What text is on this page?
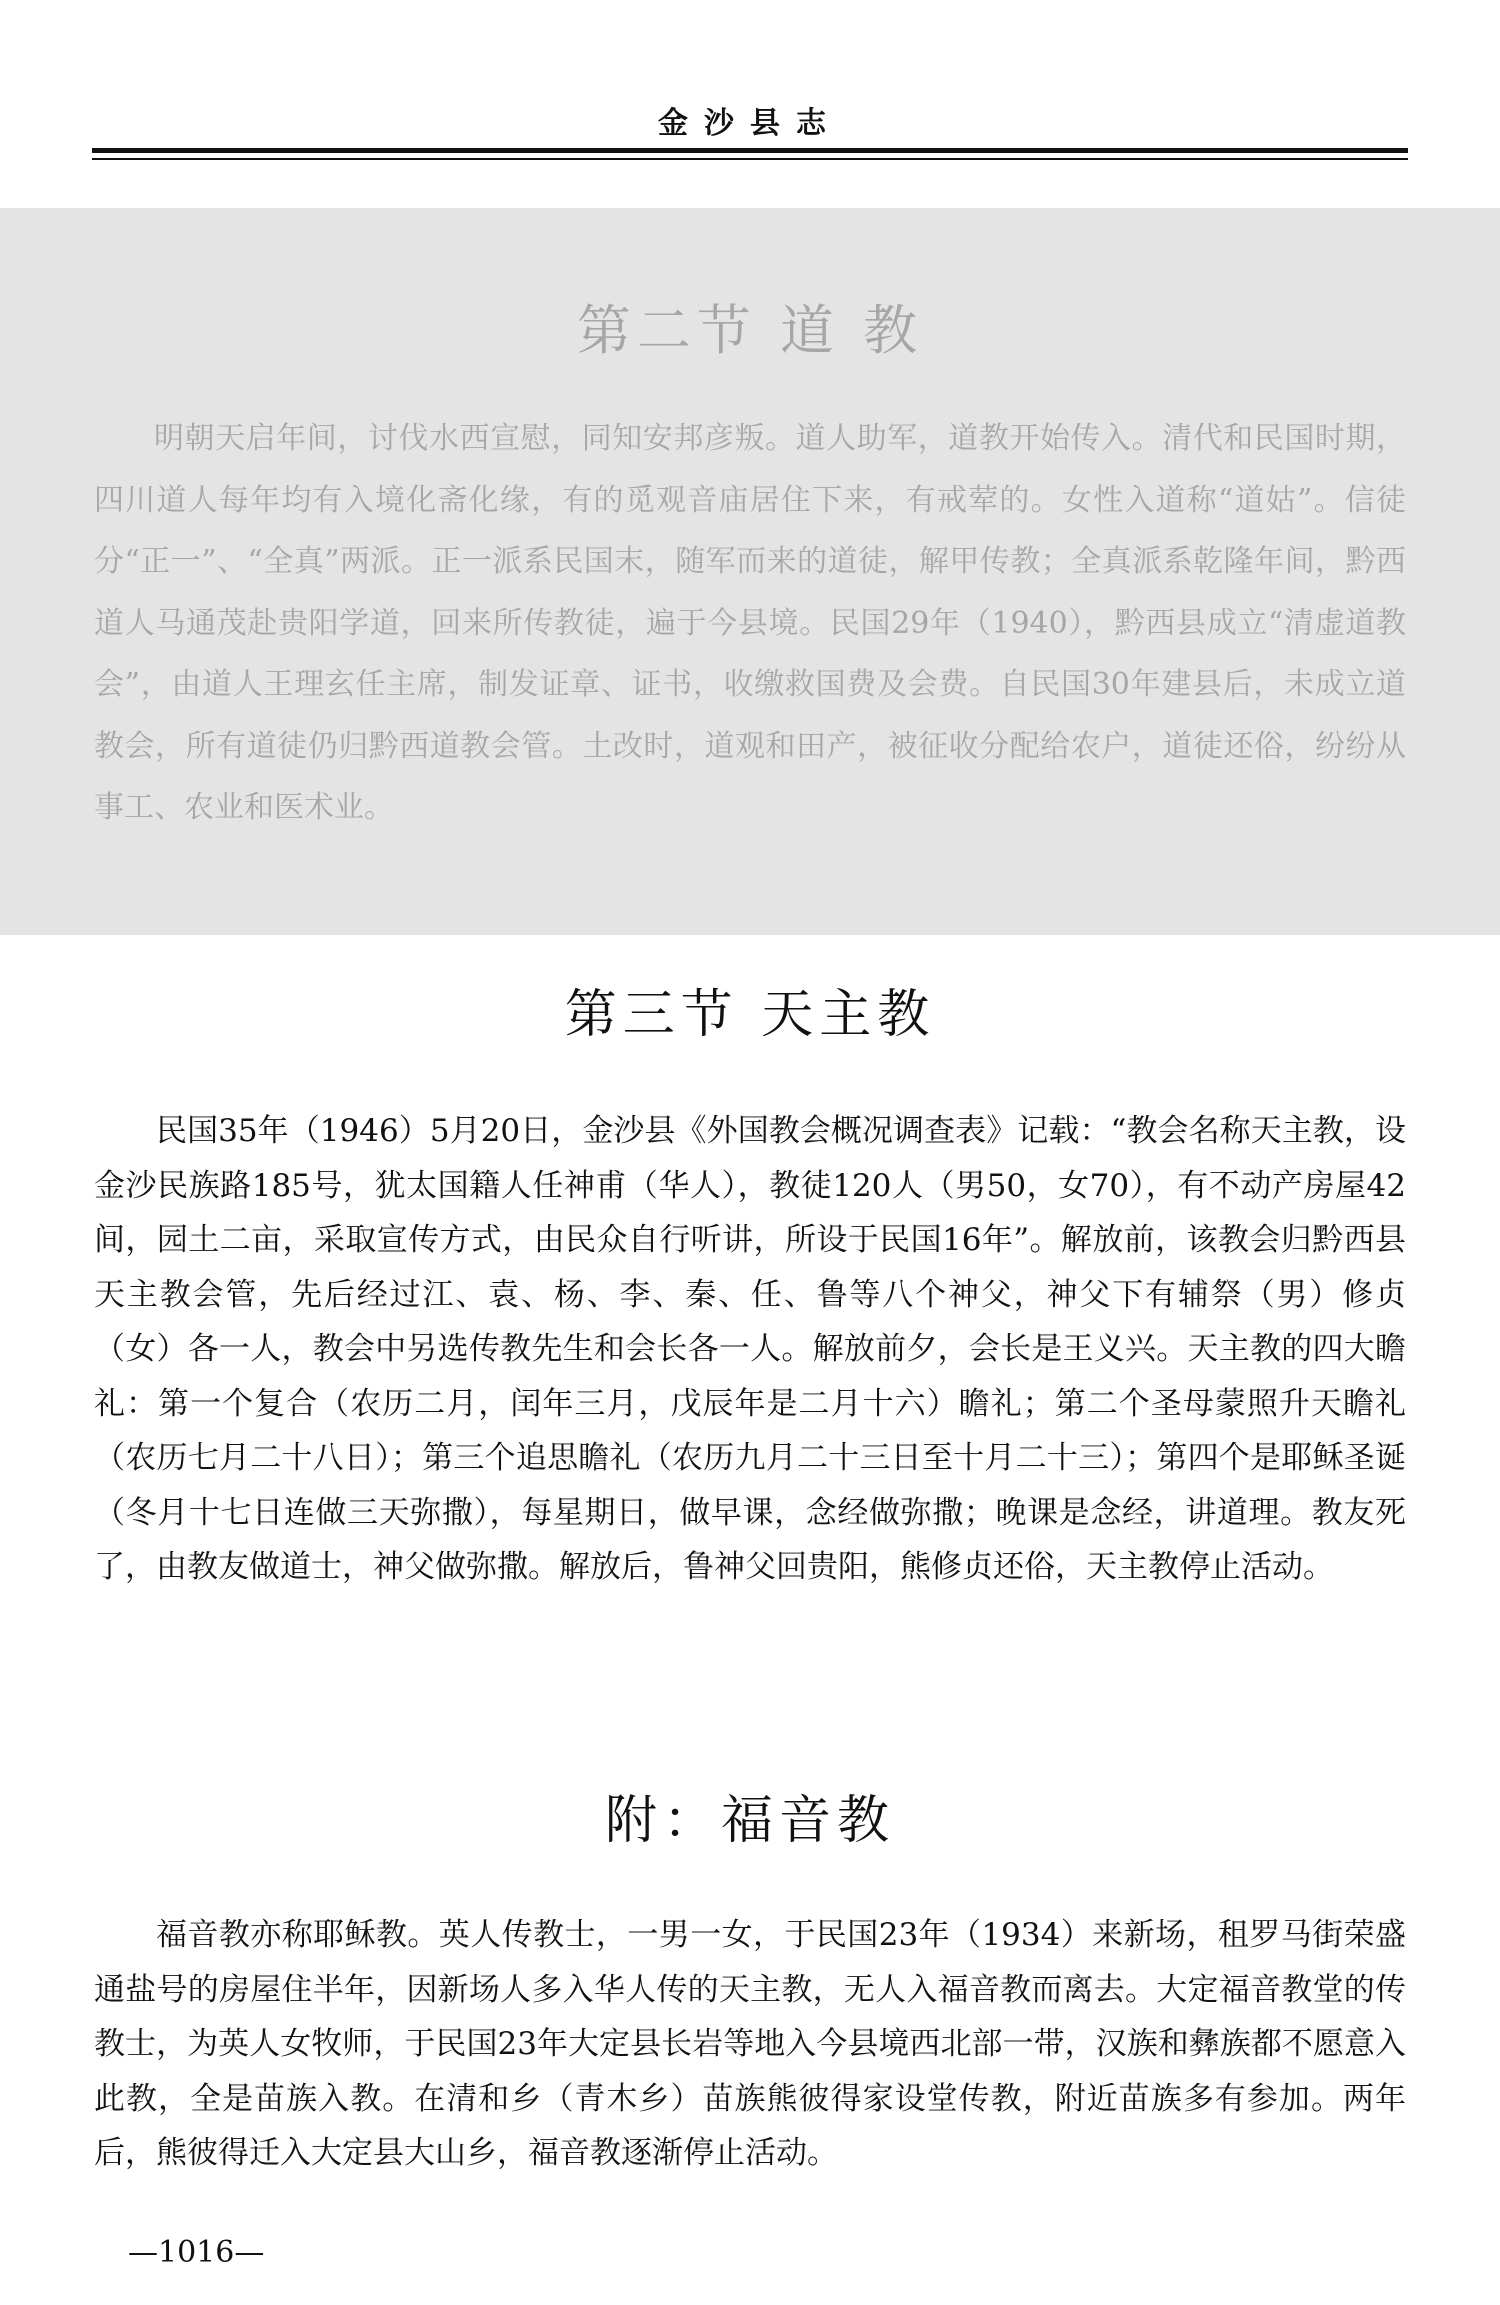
金沙县志
第二节 道 教

明朝天启年间，讨伐水西宣慰，同知安邦彦叛。道人助军，道教开始传入。清代和民国时期，四川道人每年均有入境化斋化缘，有的觅观音庙居住下来，有戒荤的。女性入道称“道姑”。信徒分“正一”、“全真”两派。正一派系民国末，随军而来的道徒，解甲传教；全真派系乾隆年间，黔西道人马通茂赴贵阳学道，回来所传教徒，遍于今县境。民国29年（1940），黔西县成立“清虚道教会”，由道人王理玄任主席，制发证章、证书，收缴救国费及会费。自民国30年建县后，未成立道教会，所有道徒仍归黔西道教会管。土改时，道观和田产，被征收分配给农户，道徒还俗，纷纷从事工、农业和医术业。

第三节 天主教

民国35年（1946）5月20日，金沙县《外国教会概况调查表》记载：“教会名称天主教，设金沙民族路185号，犹太国籍人任神甫（华人），教徒120人（男50，女70），有不动产房屋42间，园土二亩，采取宣传方式，由民众自行听讲，所设于民国16年”。解放前，该教会归黔西县天主教会管，先后经过江、袁、杨、李、秦、任、鲁等八个神父，神父下有辅祭（男）修贞（女）各一人，教会中另选传教先生和会长各一人。解放前夕，会长是王义兴。天主教的四大瞻礼：第一个复合（农历二月，闰年三月，戊辰年是二月十六）瞻礼；第二个圣母蒙照升天瞻礼（农历七月二十八日）；第三个追思瞻礼（农历九月二十三日至十月二十三）；第四个是耶稣圣诞（冬月十七日连做三天弥撒），每星期日，做早课，念经做弥撒；晚课是念经，讲道理。教友死了，由教友做道士，神父做弥撒。解放后，鲁神父回贵阳，熊修贞还俗，天主教停止活动。

附：福音教

福音教亦称耶稣教。英人传教士，一男一女，于民国23年（1934）来新场，租罗马街荣盛通盐号的房屋住半年，因新场人多入华人传的天主教，无人入福音教而离去。大定福音教堂的传教士，为英人女牧师，于民国23年大定县长岩等地入今县境西北部一带，汉族和彝族都不愿意入此教，全是苗族入教。在清和乡（青木乡）苗族熊彼得家设堂传教，附近苗族多有参加。两年后，熊彼得迁入大定县大山乡，福音教逐渐停止活动。

—1016—
